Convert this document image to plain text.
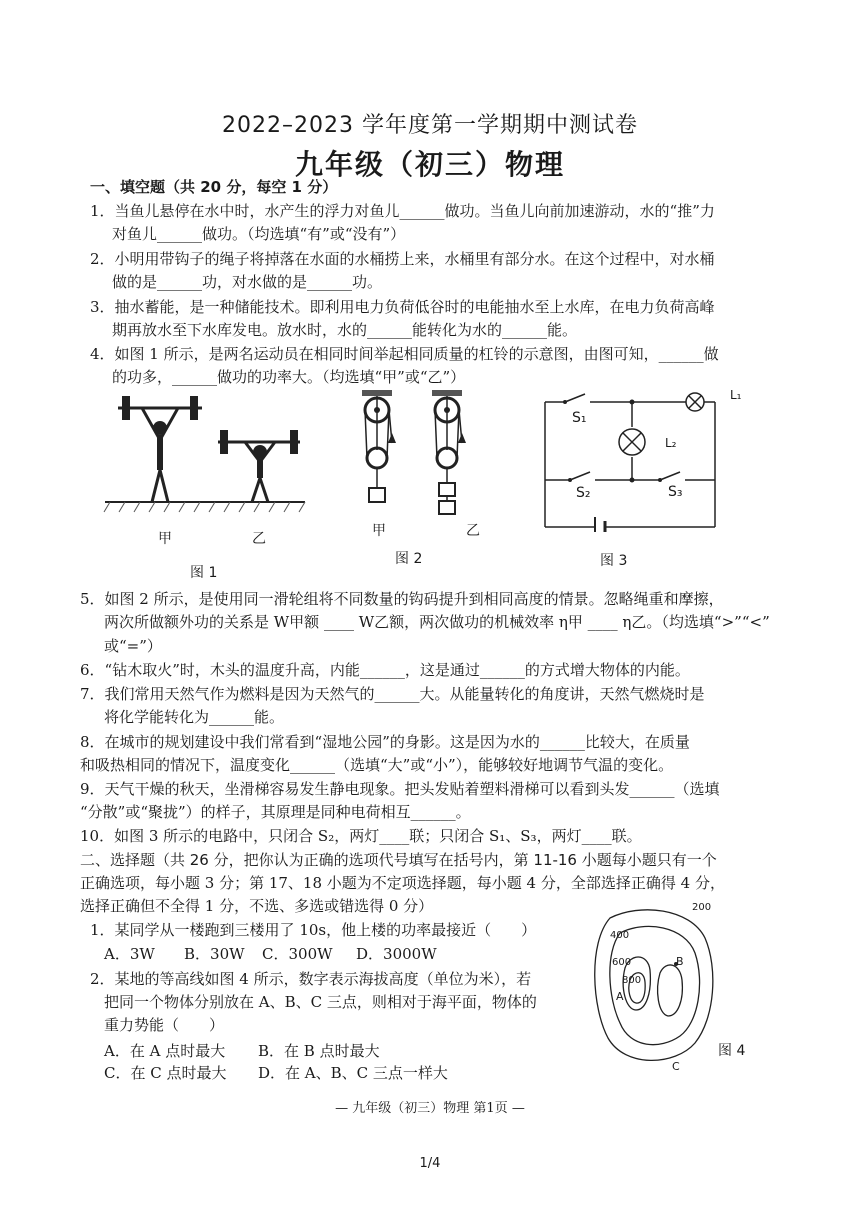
2022–2023 学年度第一学期期中测试卷
九年级（初三）物理
一、填空题（共 20 分，每空 1 分）
1．当鱼儿悬停在水中时，水产生的浮力对鱼儿______做功。当鱼儿向前加速游动，水的“推”力
对鱼儿______做功。（均选填“有”或“没有”）
2．小明用带钩子的绳子将掉落在水面的水桶捞上来，水桶里有部分水。在这个过程中，对水桶
做的是______功，对水做的是______功。
3．抽水蓄能，是一种储能技术。即利用电力负荷低谷时的电能抽水至上水库，在电力负荷高峰
期再放水至下水库发电。放水时，水的______能转化为水的______能。
4．如图 1 所示，是两名运动员在相同时间举起相同质量的杠铃的示意图，由图可知，______做
的功多，______做功的功率大。（均选填“甲”或“乙”）
甲	乙
图 1
甲	乙
图 2
S₁
S₂	S₃
L₁
L₂
图 3
5．如图 2 所示，是使用同一滑轮组将不同数量的钩码提升到相同高度的情景。忽略绳重和摩擦，
两次所做额外功的关系是 W甲额 ____ W乙额，两次做功的机械效率 η甲 ____ η乙。（均选填“>”“<”
或“=”）
6．“钻木取火”时，木头的温度升高，内能______，这是通过______的方式增大物体的内能。
7．我们常用天然气作为燃料是因为天然气的______大。从能量转化的角度讲，天然气燃烧时是
将化学能转化为______能。
8．在城市的规划建设中我们常看到“湿地公园”的身影。这是因为水的______比较大，在质量
和吸热相同的情况下，温度变化______（选填“大”或“小”），能够较好地调节气温的变化。
9．天气干燥的秋天，坐滑梯容易发生静电现象。把头发贴着塑料滑梯可以看到头发______（选填
“分散”或“聚拢”）的样子，其原理是同种电荷相互______。
10．如图 3 所示的电路中，只闭合 S₂，两灯____联；只闭合 S₁、S₃，两灯____联。
二、选择题（共 26 分，把你认为正确的选项代号填写在括号内，第 11-16 小题每小题只有一个
正确选项，每小题 3 分；第 17、18 小题为不定项选择题，每小题 4 分，全部选择正确得 4 分，
选择正确但不全得 1 分，不选、多选或错选得 0 分）
1．某同学从一楼跑到三楼用了 10s，他上楼的功率最接近（　　）
A．3W B．30W C．300W D．3000W
2．某地的等高线如图 4 所示，数字表示海拔高度（单位为米），若
把同一个物体分别放在 A、B、C 三点，则相对于海平面，物体的
重力势能（　　）
A．在 A 点时最大 B．在 B 点时最大
C．在 C 点时最大 D．在 A、B、C 三点一样大
200
400
600
800
A
B
C
图 4
— 九年级（初三）物理 第1页 —
1/4
